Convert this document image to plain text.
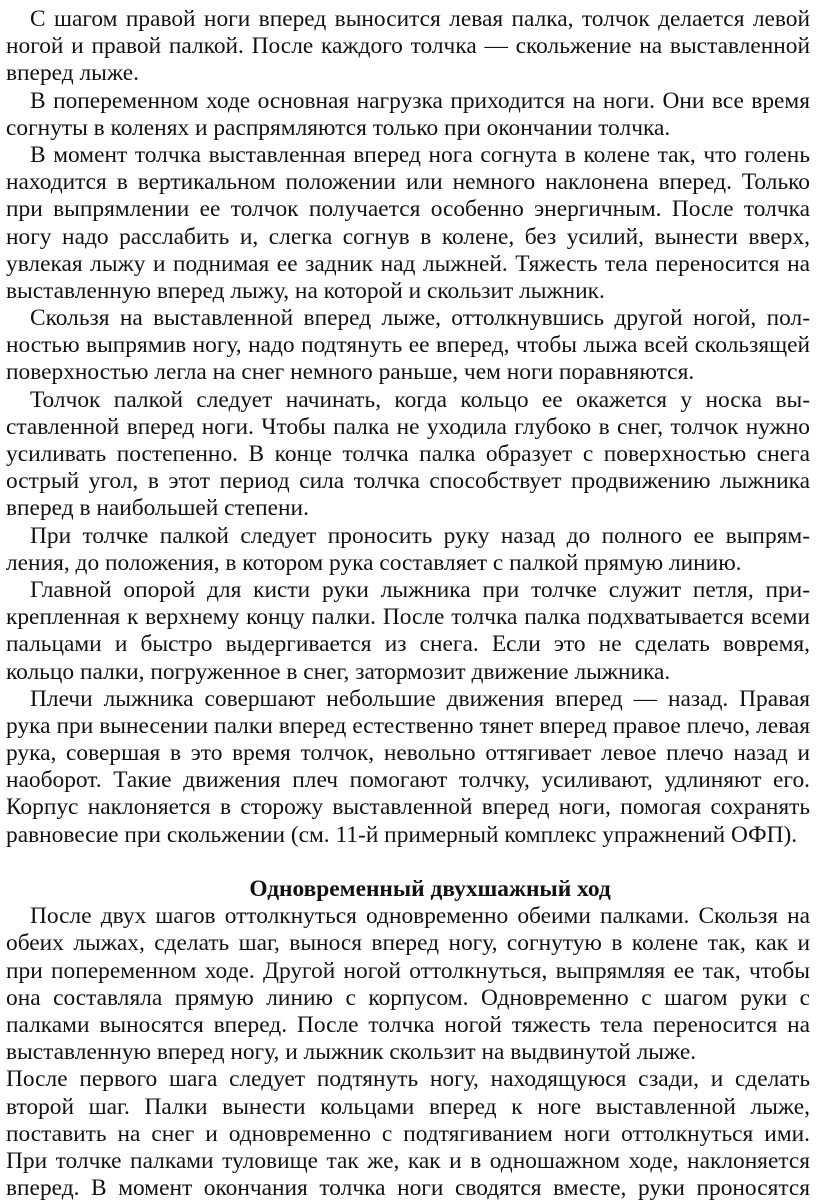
С шагом правой ноги вперед выносится левая палка, толчок делается левой
ногой и правой палкой. После каждого толчка — скольжение на выставленной
вперед лыже.
В попеременном ходе основная нагрузка приходится на ноги. Они все время
согнуты в коленях и распрямляются только при окончании толчка.
В момент толчка выставленная вперед нога согнута в колене так, что голень
находится в вертикальном положении или немного наклонена вперед. Только
при выпрямлении ее толчок получается особенно энергичным. После толчка
ногу надо расслабить и, слегка согнув в колене, без усилий, вынести вверх,
увлекая лыжу и поднимая ее задник над лыжней. Тяжесть тела переносится на
выставленную вперед лыжу, на которой и скользит лыжник.
Скользя на выставленной вперед лыже, оттолкнувшись другой ногой, пол-
ностью выпрямив ногу, надо подтянуть ее вперед, чтобы лыжа всей скользящей
поверхностью легла на снег немного раньше, чем ноги поравняются.
Толчок палкой следует начинать, когда кольцо ее окажется у носка вы-
ставленной вперед ноги. Чтобы палка не уходила глубоко в снег, толчок нужно
усиливать постепенно. В конце толчка палка образует с поверхностью снега
острый угол, в этот период сила толчка способствует продвижению лыжника
вперед в наибольшей степени.
При толчке палкой следует проносить руку назад до полного ее выпрям-
ления, до положения, в котором рука составляет с палкой прямую линию.
Главной опорой для кисти руки лыжника при толчке служит петля, при-
крепленная к верхнему концу палки. После толчка палка подхватывается всеми
пальцами и быстро выдергивается из снега. Если это не сделать вовремя,
кольцо палки, погруженное в снег, затормозит движение лыжника.
Плечи лыжника совершают небольшие движения вперед — назад. Правая
рука при вынесении палки вперед естественно тянет вперед правое плечо, левая
рука, совершая в это время толчок, невольно оттягивает левое плечо назад и
наоборот. Такие движения плеч помогают толчку, усиливают, удлиняют его.
Корпус наклоняется в сторожу выставленной вперед ноги, помогая сохранять
равновесие при скольжении (см. 11-й примерный комплекс упражнений ОФП).
Одновременный двухшажный ход
После двух шагов оттолкнуться одновременно обеими палками. Скользя на
обеих лыжах, сделать шаг, вынося вперед ногу, согнутую в колене так, как и
при попеременном ходе. Другой ногой оттолкнуться, выпрямляя ее так, чтобы
она составляла прямую линию с корпусом. Одновременно с шагом руки с
палками выносятся вперед. После толчка ногой тяжесть тела переносится на
выставленную вперед ногу, и лыжник скользит на выдвинутой лыже.
После первого шага следует подтянуть ногу, находящуюся сзади, и сделать
второй шаг. Палки вынести кольцами вперед к ноге выставленной лыже,
поставить на снег и одновременно с подтягиванием ноги оттолкнуться ими.
При толчке палками туловище так же, как и в одношажном ходе, наклоняется
вперед. В момент окончания толчка ноги сводятся вместе, руки проносятся
